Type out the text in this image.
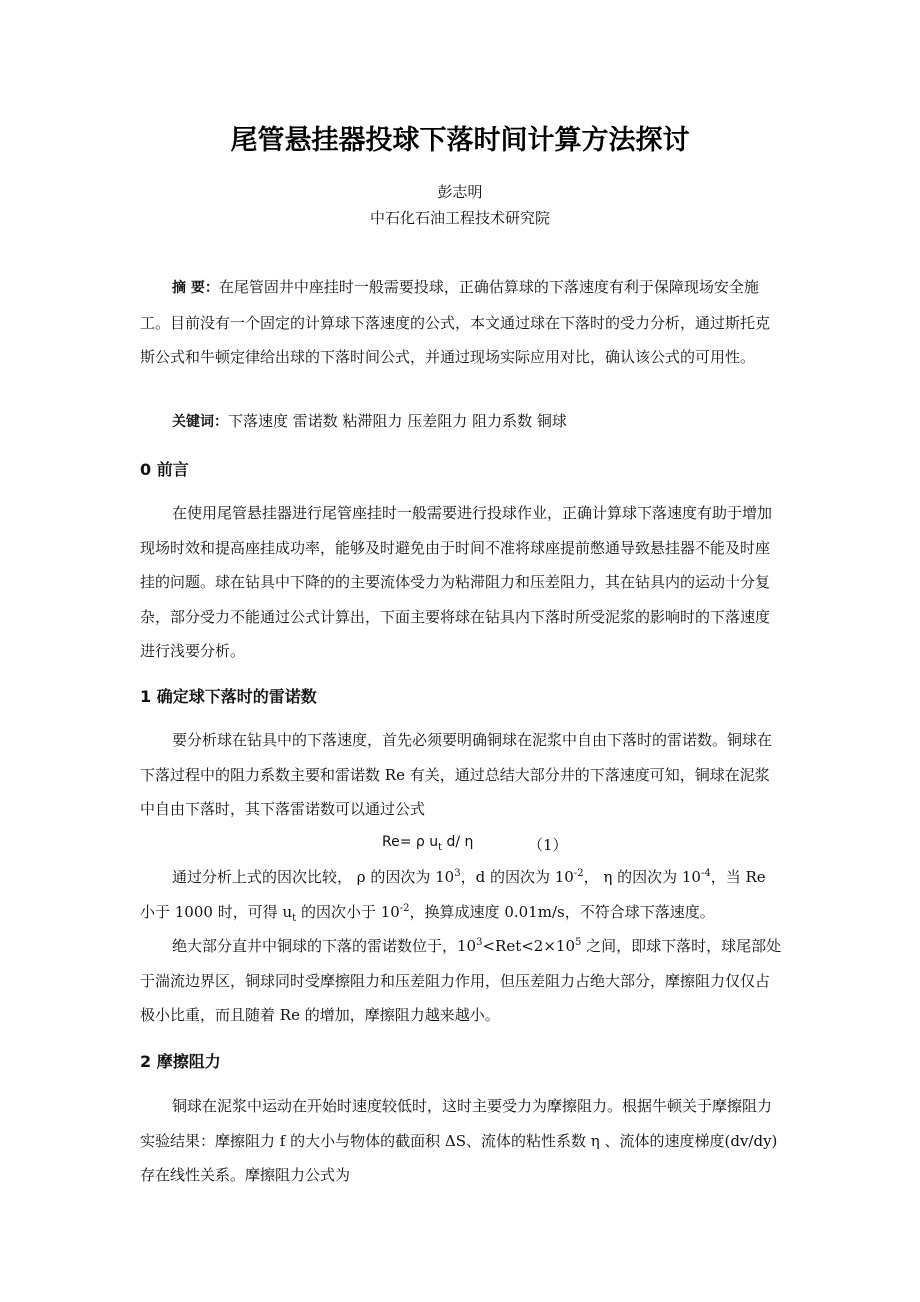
尾管悬挂器投球下落时间计算方法探讨
彭志明
中石化石油工程技术研究院
摘 要：在尾管固井中座挂时一般需要投球，正确估算球的下落速度有利于保障现场安全施工。目前没有一个固定的计算球下落速度的公式，本文通过球在下落时的受力分析，通过斯托克斯公式和牛顿定律给出球的下落时间公式，并通过现场实际应用对比，确认该公式的可用性。
关键词：下落速度 雷诺数 粘滞阻力 压差阻力 阻力系数 铜球
0 前言
在使用尾管悬挂器进行尾管座挂时一般需要进行投球作业，正确计算球下落速度有助于增加现场时效和提高座挂成功率，能够及时避免由于时间不准将球座提前憋通导致悬挂器不能及时座挂的问题。球在钻具中下降的的主要流体受力为粘滞阻力和压差阻力，其在钻具内的运动十分复杂，部分受力不能通过公式计算出，下面主要将球在钻具内下落时所受泥浆的影响时的下落速度进行浅要分析。
1 确定球下落时的雷诺数
要分析球在钻具中的下落速度，首先必须要明确铜球在泥浆中自由下落时的雷诺数。铜球在下落过程中的阻力系数主要和雷诺数 Re 有关，通过总结大部分井的下落速度可知，铜球在泥浆中自由下落时，其下落雷诺数可以通过公式
Re= ρ $u_t$ d/ η	（1）
通过分析上式的因次比较， ρ 的因次为 $10^3$，d 的因次为 $10^{-2}$， η 的因次为 $10^{-4}$，当 Re 小于 1000 时，可得 $u_t$ 的因次小于 $10^{-2}$，换算成速度 0.01m/s，不符合球下落速度。
绝大部分直井中铜球的下落的雷诺数位于，$10^3<Ret<2\times 10^5$ 之间，即球下落时，球尾部处于湍流边界区，铜球同时受摩擦阻力和压差阻力作用，但压差阻力占绝大部分，摩擦阻力仅仅占极小比重，而且随着 Re 的增加，摩擦阻力越来越小。
2 摩擦阻力
铜球在泥浆中运动在开始时速度较低时，这时主要受力为摩擦阻力。根据牛顿关于摩擦阻力实验结果：摩擦阻力 f 的大小与物体的截面积 ΔS、流体的粘性系数 η 、流体的速度梯度(dv/dy)存在线性关系。摩擦阻力公式为
